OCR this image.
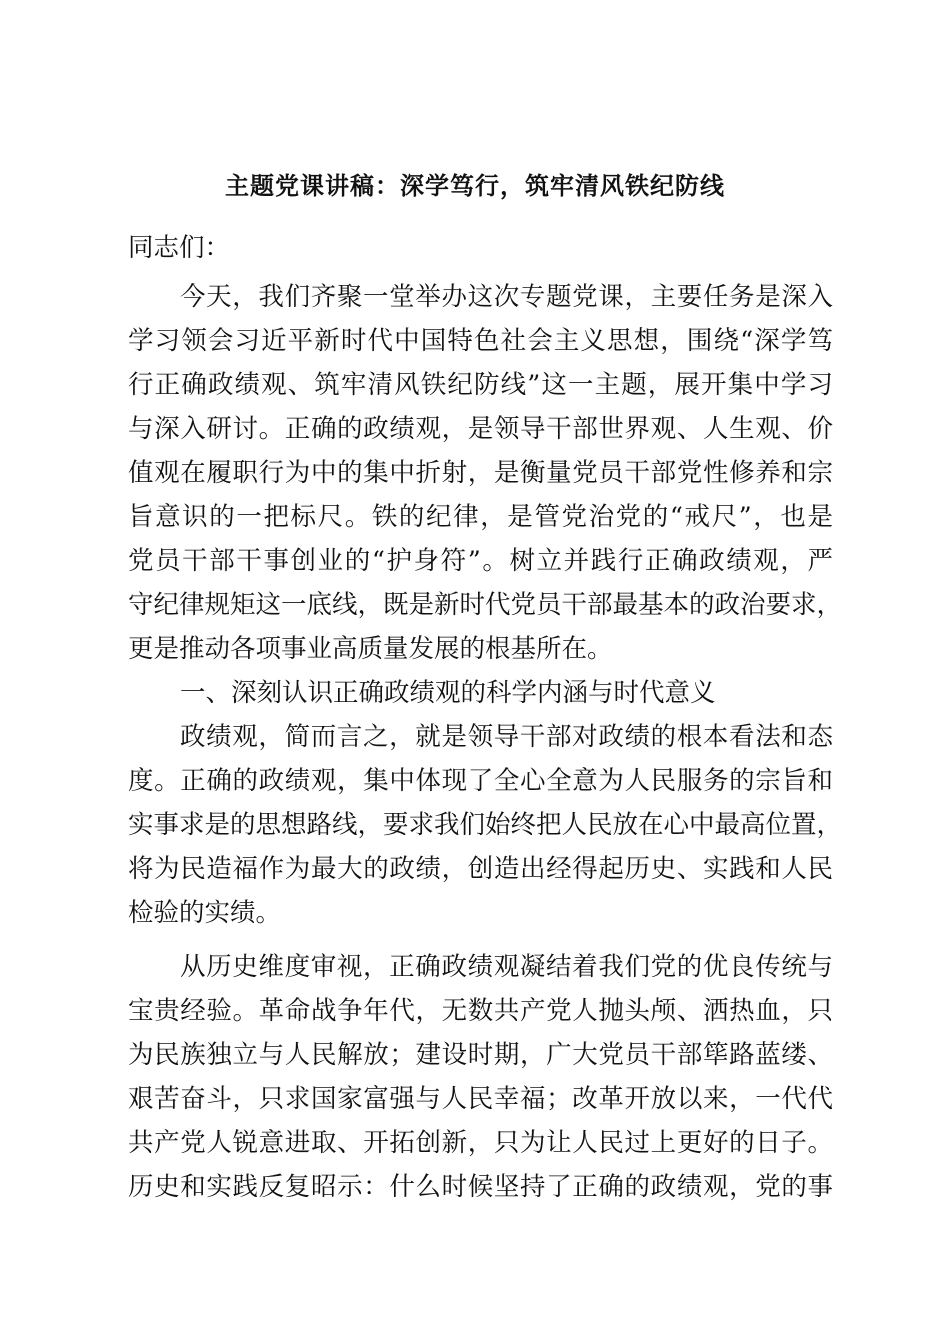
主题党课讲稿：深学笃行，筑牢清风铁纪防线
同志们：
今天，我们齐聚一堂举办这次专题党课，主要任务是深入
学习领会习近平新时代中国特色社会主义思想，围绕“深学笃
行正确政绩观、筑牢清风铁纪防线”这一主题，展开集中学习
与深入研讨。正确的政绩观，是领导干部世界观、人生观、价
值观在履职行为中的集中折射，是衡量党员干部党性修养和宗
旨意识的一把标尺。铁的纪律，是管党治党的“戒尺”，也是
党员干部干事创业的“护身符”。树立并践行正确政绩观，严
守纪律规矩这一底线，既是新时代党员干部最基本的政治要求，
更是推动各项事业高质量发展的根基所在。
一、深刻认识正确政绩观的科学内涵与时代意义
政绩观，简而言之，就是领导干部对政绩的根本看法和态
度。正确的政绩观，集中体现了全心全意为人民服务的宗旨和
实事求是的思想路线，要求我们始终把人民放在心中最高位置，
将为民造福作为最大的政绩，创造出经得起历史、实践和人民
检验的实绩。
从历史维度审视，正确政绩观凝结着我们党的优良传统与
宝贵经验。革命战争年代，无数共产党人抛头颅、洒热血，只
为民族独立与人民解放；建设时期，广大党员干部筚路蓝缕、
艰苦奋斗，只求国家富强与人民幸福；改革开放以来，一代代
共产党人锐意进取、开拓创新，只为让人民过上更好的日子。
历史和实践反复昭示：什么时候坚持了正确的政绩观，党的事
